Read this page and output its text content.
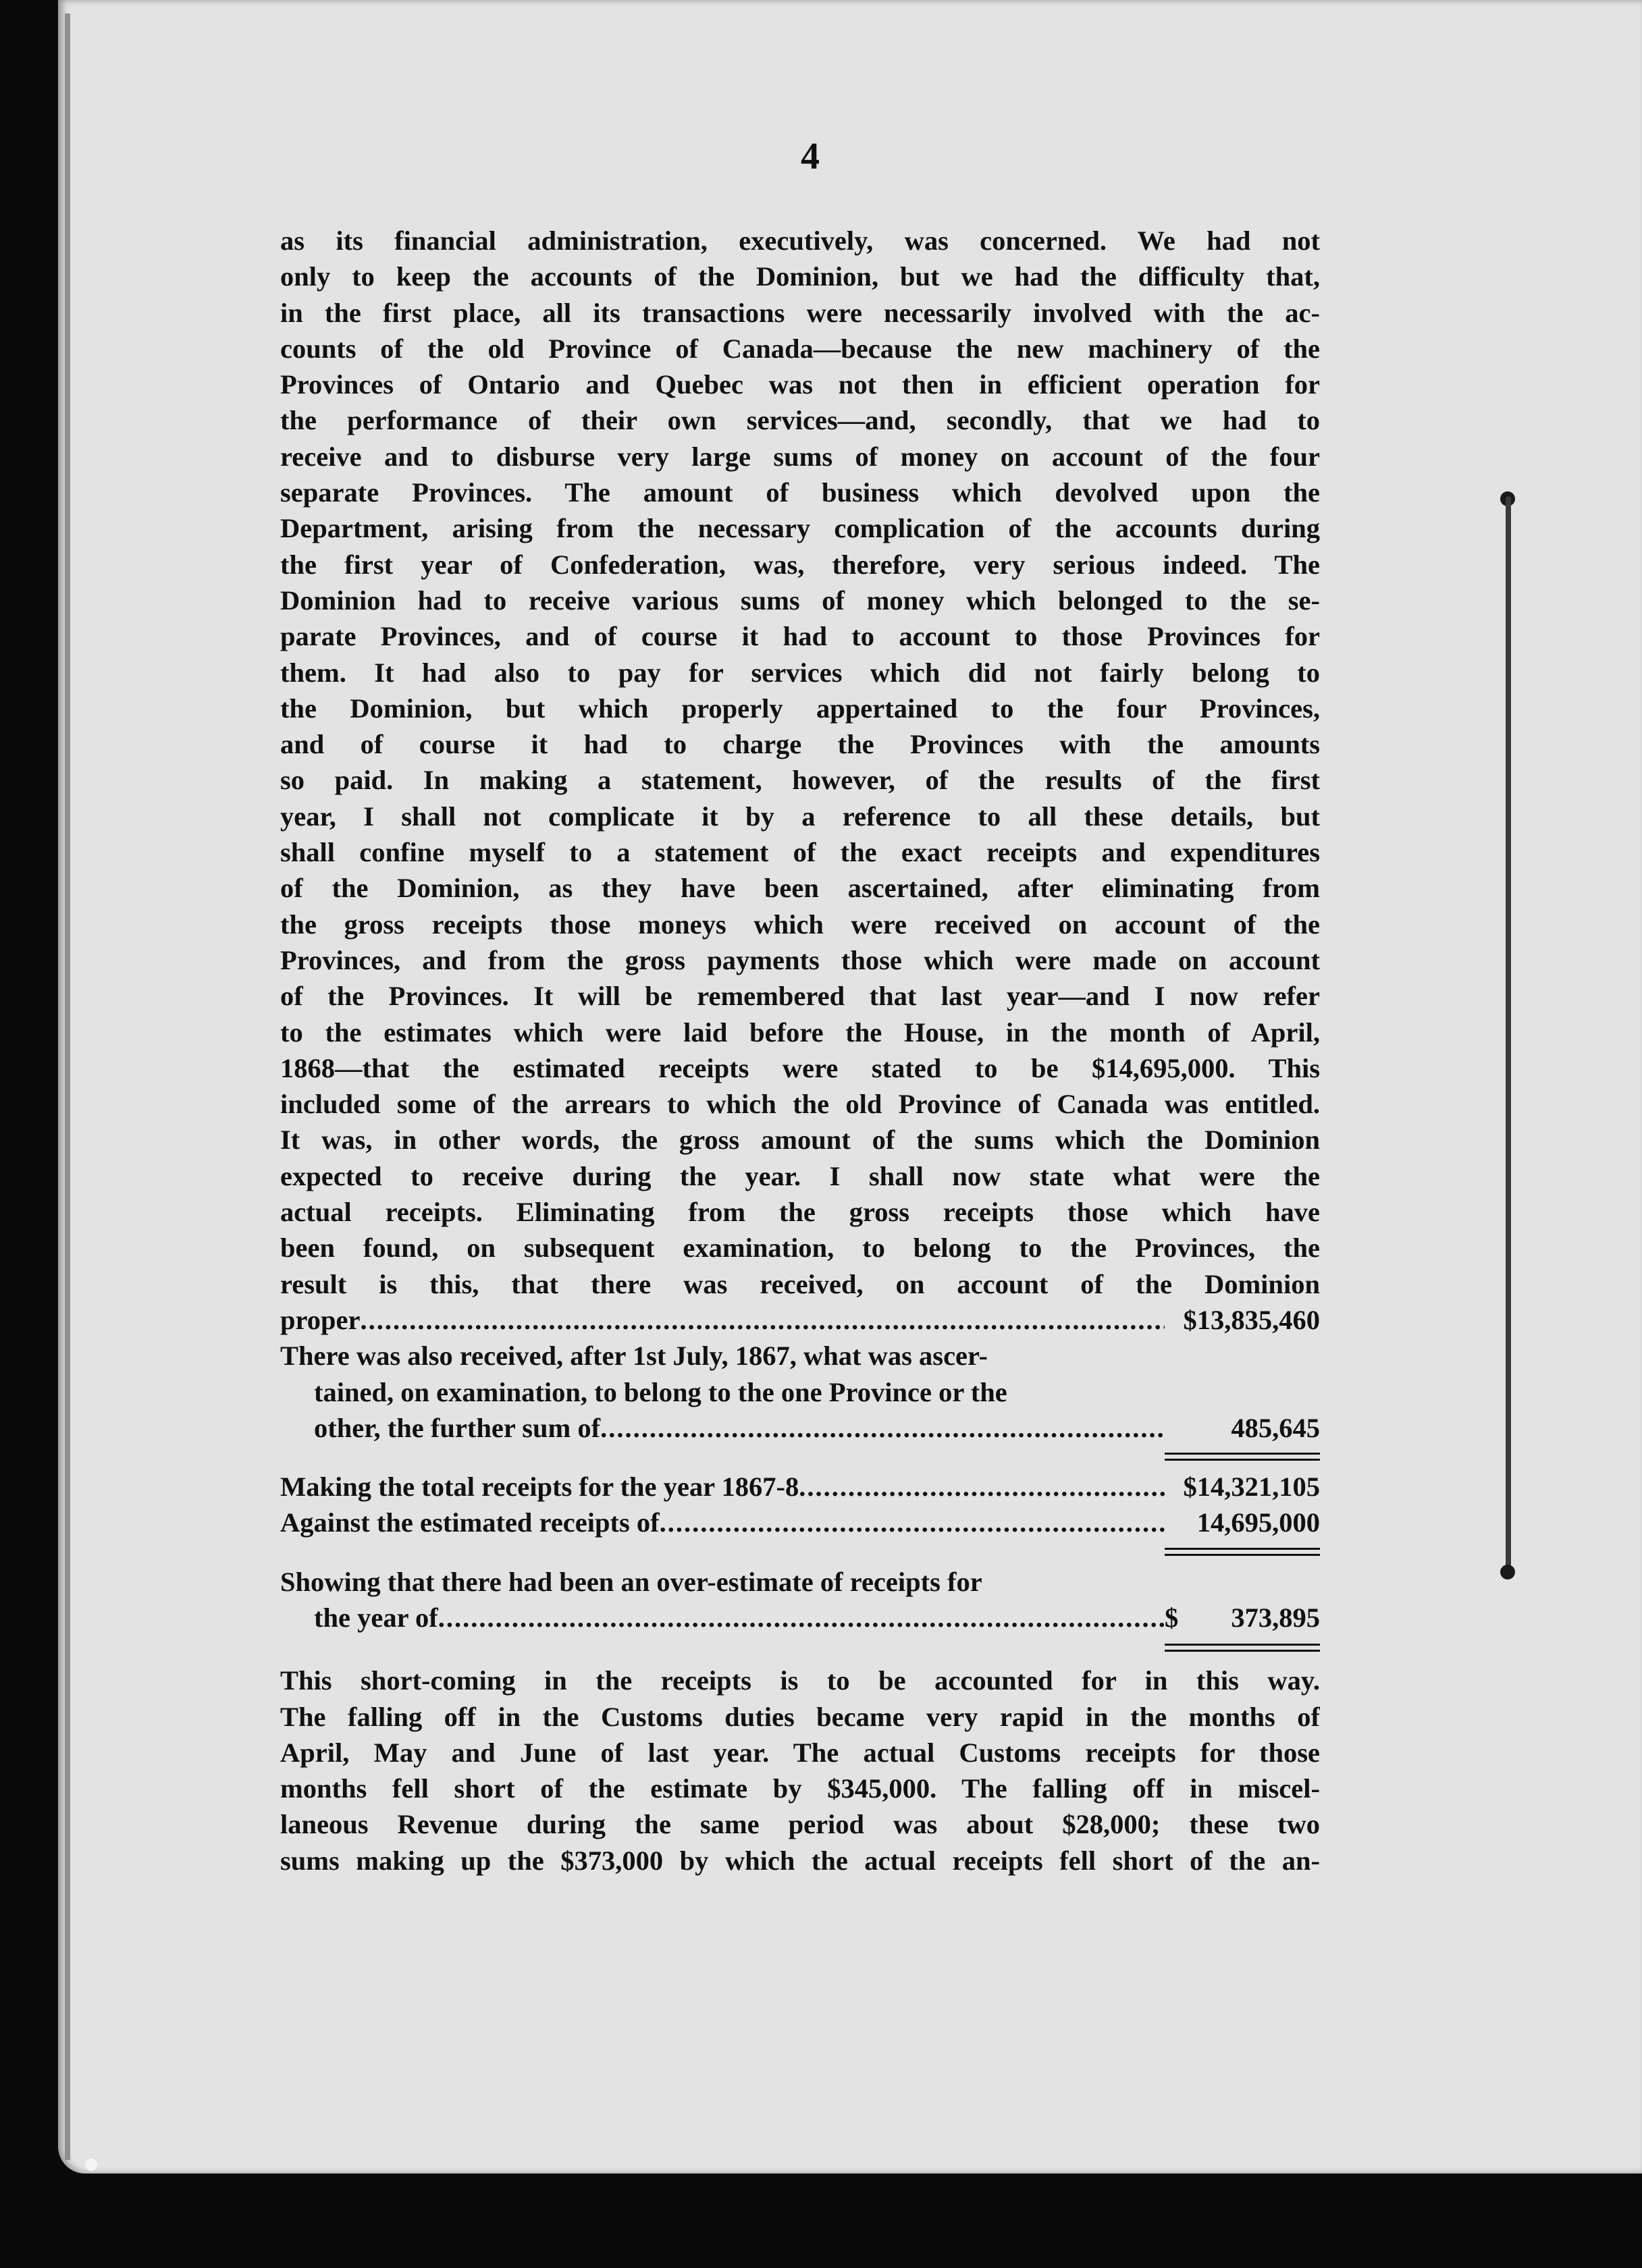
4
as its financial administration, executively, was concerned. We had not
only to keep the accounts of the Dominion, but we had the difficulty that,
in the first place, all its transactions were necessarily involved with the ac-
counts of the old Province of Canada—because the new machinery of the
Provinces of Ontario and Quebec was not then in efficient operation for
the performance of their own services—and, secondly, that we had to
receive and to disburse very large sums of money on account of the four
separate Provinces. The amount of business which devolved upon the
Department, arising from the necessary complication of the accounts during
the first year of Confederation, was, therefore, very serious indeed. The
Dominion had to receive various sums of money which belonged to the se-
parate Provinces, and of course it had to account to those Provinces for
them. It had also to pay for services which did not fairly belong to
the Dominion, but which properly appertained to the four Provinces,
and of course it had to charge the Provinces with the amounts
so paid. In making a statement, however, of the results of the first
year, I shall not complicate it by a reference to all these details, but
shall confine myself to a statement of the exact receipts and expenditures
of the Dominion, as they have been ascertained, after eliminating from
the gross receipts those moneys which were received on account of the
Provinces, and from the gross payments those which were made on account
of the Provinces. It will be remembered that last year—and I now refer
to the estimates which were laid before the House, in the month of April,
1868—that the estimated receipts were stated to be $14,695,000. This
included some of the arrears to which the old Province of Canada was entitled.
It was, in other words, the gross amount of the sums which the Dominion
expected to receive during the year. I shall now state what were the
actual receipts. Eliminating from the gross receipts those which have
been found, on subsequent examination, to belong to the Provinces, the
result is this, that there was received, on account of the Dominion
proper .....	$13,835,460
There was also received, after 1st July, 1867, what was ascer-
tained, on examination, to belong to the one Province or the
other, the further sum of .....	485,645
Making the total receipts for the year 1867-8 .....	$14,321,105
Against the estimated receipts of .....	14,695,000
Showing that there had been an over-estimate of receipts for
the year of .....	$	373,895
This short-coming in the receipts is to be accounted for in this way.
The falling off in the Customs duties became very rapid in the months of
April, May and June of last year. The actual Customs receipts for those
months fell short of the estimate by $345,000. The falling off in miscel-
laneous Revenue during the same period was about $28,000; these two
sums making up the $373,000 by which the actual receipts fell short of the an-
